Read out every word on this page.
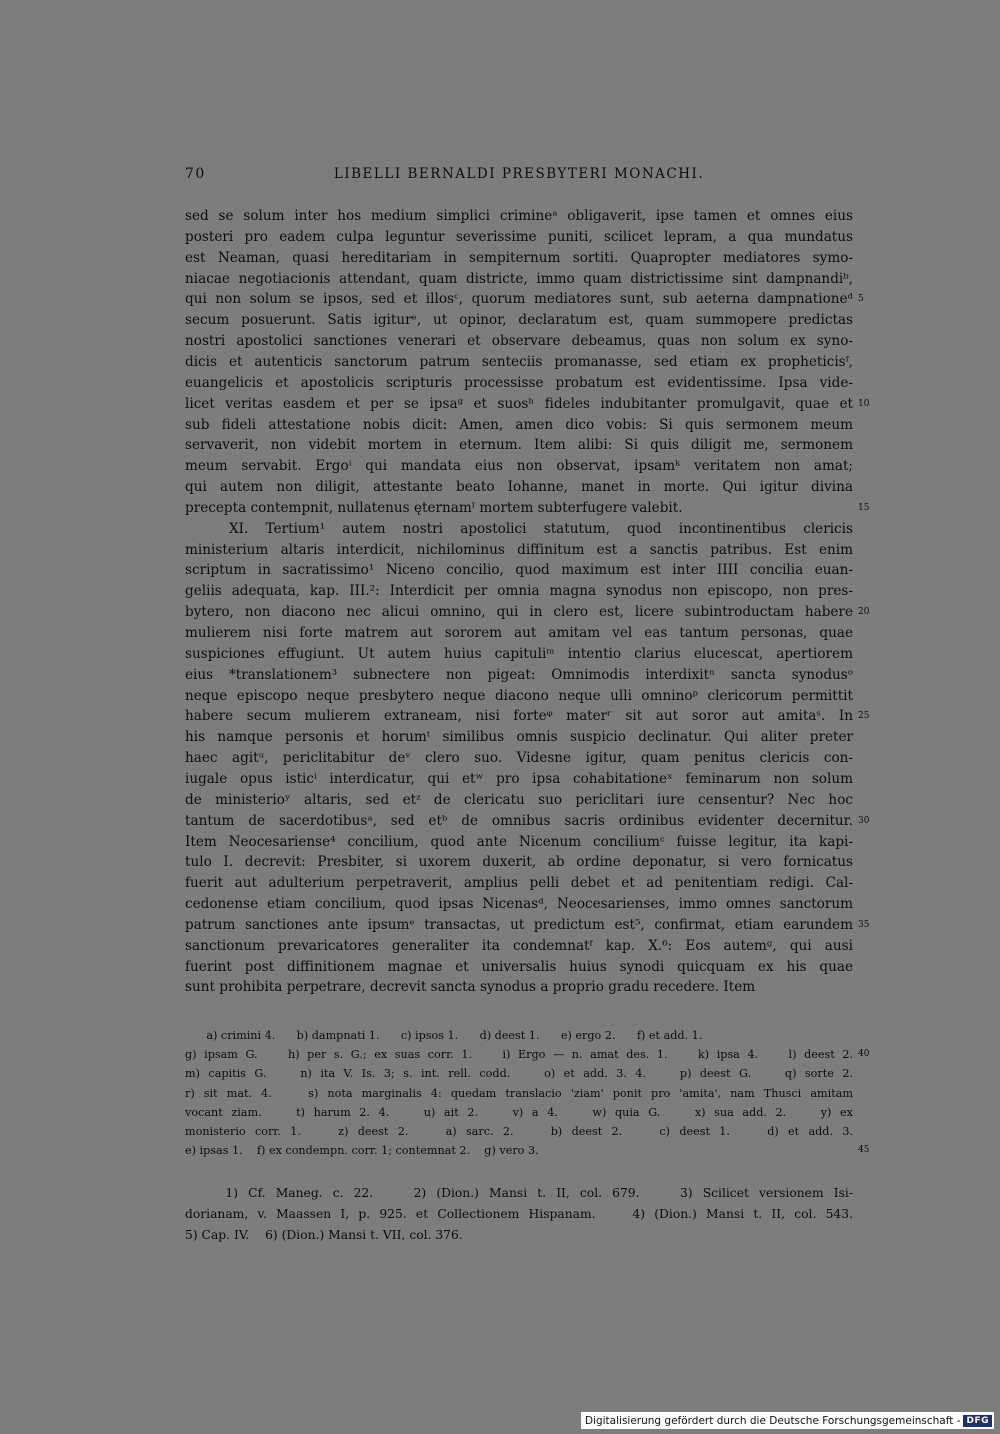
70	LIBELLI BERNALDI PRESBYTERI MONACHI.
sed se solum inter hos medium simplici crimineᵃ obligaverit, ipse tamen et omnes eius
posteri pro eadem culpa leguntur severissime puniti, scilicet lepram, a qua mundatus
est Neaman, quasi hereditariam in sempiternum sortiti. Quapropter mediatores symo-
niacae negotiacionis attendant, quam districte, immo quam districtissime sint dampnandiᵇ,
qui non solum se ipsos, sed et illosᶜ, quorum mediatores sunt, sub aeterna dampnationeᵈ 5
secum posuerunt. Satis igiturᵉ, ut opinor, declaratum est, quam summopere predictas
nostri apostolici sanctiones venerari et observare debeamus, quas non solum ex syno-
dicis et autenticis sanctorum patrum senteciis promanasse, sed etiam ex propheticisᶠ,
euangelicis et apostolicis scripturis processisse probatum est evidentissime. Ipsa vide-
licet veritas easdem et per se ipsaᵍ et suosʰ fideles indubitanter promulgavit, quae et 10
sub fideli attestatione nobis dicit: Amen, amen dico vobis: Si quis sermonem meum
servaverit, non videbit mortem in eternum. Item alibi: Si quis diligit me, sermonem
meum servabit. Ergoⁱ qui mandata eius non observat, ipsamᵏ veritatem non amat;
qui autem non diligit, attestante beato Iohanne, manet in morte. Qui igitur divina
precepta contempnit, nullatenus ęternamˡ mortem subterfugere valebit.	15
XI. Tertium¹ autem nostri apostolici statutum, quod incontinentibus clericis
ministerium altaris interdicit, nichilominus diffinitum est a sanctis patribus. Est enim
scriptum in sacratissimo¹ Niceno concilio, quod maximum est inter IIII concilia euan-
geliis adequata, kap. III.²: Interdicit per omnia magna synodus non episcopo, non pres-
bytero, non diacono nec alicui omnino, qui in clero est, licere subintroductam habere 20
mulierem nisi forte matrem aut sororem aut amitam vel eas tantum personas, quae
suspiciones effugiunt. Ut autem huius capituliᵐ intentio clarius elucescat, apertiorem
eius *translationem³ subnectere non pigeat: Omnimodis interdixitⁿ sancta synodusᵒ
neque episcopo neque presbytero neque diacono neque ulli omninoᵖ clericorum permittit
habere secum mulierem extraneam, nisi forteᵠ materʳ sit aut soror aut amitaˢ. In 25
his namque personis et horumᵗ similibus omnis suspicio declinatur. Qui aliter preter
haec agitᵘ, periclitabitur deᵛ clero suo. Videsne igitur, quam penitus clericis con-
iugale opus isticⁱ interdicatur, qui etʷ pro ipsa cohabitationeˣ feminarum non solum
de ministerioʸ altaris, sed etᶻ de clericatu suo periclitari iure censentur? Nec hoc
tantum de sacerdotibusᵃ, sed etᵇ de omnibus sacris ordinibus evidenter decernitur. 30
Item Neocesariense⁴ concilium, quod ante Nicenum conciliumᶜ fuisse legitur, ita kapi-
tulo I. decrevit: Presbiter, si uxorem duxerit, ab ordine deponatur, si vero fornicatus
fuerit aut adulterium perpetraverit, amplius pelli debet et ad penitentiam redigi. Cal-
cedonense etiam concilium, quod ipsas Nicenasᵈ, Neocesarienses, immo omnes sanctorum
patrum sanctiones ante ipsumᵉ transactas, ut predictum est⁵, confirmat, etiam earundem 35
sanctionum prevaricatores generaliter ita condemnatᶠ kap. X.⁶: Eos autemᵍ, qui ausi
fuerint post diffinitionem magnae et universalis huius synodi quicquam ex his quae
sunt prohibita perpetrare, decrevit sancta synodus a proprio gradu recedere. Item
a) crimini 4.      b) dampnati 1.      c) ipsos 1.      d) deest 1.      e) ergo 2.      f) et add. 1.
g) ipsam G.    h) per s. G.; ex suas corr. 1.    i) Ergo — n. amat des. 1.    k) ipsa 4.    l) deest 2. 40
m) capitis G.    n) ita V. Is. 3; s. int. rell. codd.    o) et add. 3. 4.    p) deest G.    q) sorte 2.
r) sit mat. 4.    s) nota marginalis 4: quedam translacio 'ziam' ponit pro 'amita', nam Thusci amitam
vocant ziam.    t) harum 2. 4.    u) ait 2.    v) a 4.    w) quia G.    x) sua add. 2.    y) ex
monisterio corr. 1.    z) deest 2.    a) sarc. 2.    b) deest 2.    c) deest 1.    d) et add. 3.
e) ipsas 1.    f) ex condempn. corr. 1; contemnat 2.    g) vero 3.	45
1) Cf. Maneg. c. 22.    2) (Dion.) Mansi t. II, col. 679.    3) Scilicet versionem Isi-
dorianam, v. Maassen I, p. 925. et Collectionem Hispanam.    4) (Dion.) Mansi t. II, col. 543.
5) Cap. IV.    6) (Dion.) Mansi t. VII, col. 376.
Digitalisierung gefördert durch die Deutsche Forschungsgemeinschaft - DFG
